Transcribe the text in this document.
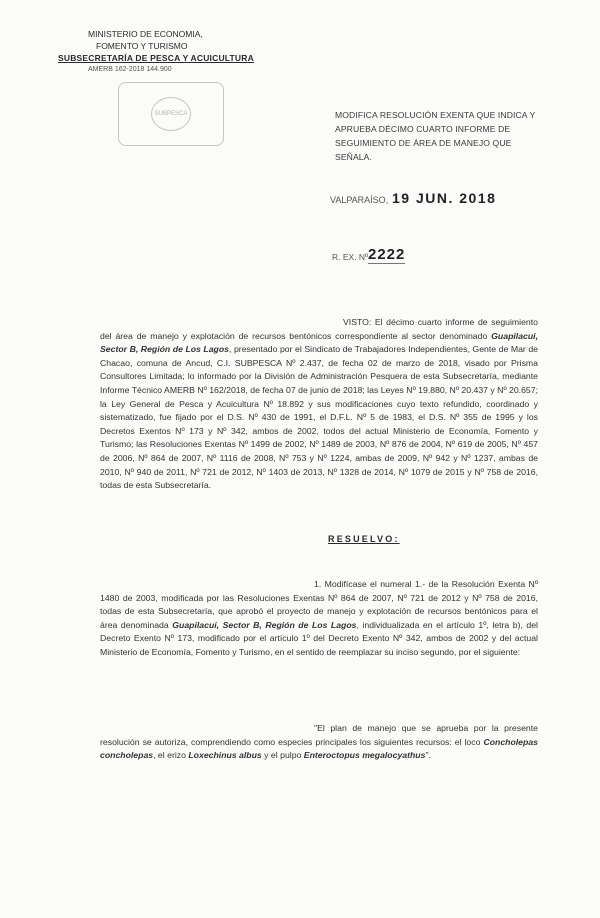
MINISTERIO DE ECONOMIA,
FOMENTO Y TURISMO
SUBSECRETARÍA DE PESCA Y ACUICULTURA
AMERB 162-2018 144.900
SUBPESCA	MODIFICA RESOLUCIÓN EXENTA QUE INDICA Y APRUEBA DÉCIMO CUARTO INFORME DE SEGUIMIENTO DE ÁREA DE MANEJO QUE SEÑALA.
VALPARAÍSO, 19 JUN. 2018
R. EX. Nº 2222
VISTO: El décimo cuarto informe de seguimiento del área de manejo y explotación de recursos bentónicos correspondiente al sector denominado Guapilacui, Sector B, Región de Los Lagos, presentado por el Sindicato de Trabajadores Independientes, Gente de Mar de Chacao, comuna de Ancud, C.I. SUBPESCA Nº 2.437, de fecha 02 de marzo de 2018, visado por Prisma Consultores Limitada; lo informado por la División de Administración Pesquera de esta Subsecretaría, mediante Informe Técnico AMERB Nº 162/2018, de fecha 07 de junio de 2018; las Leyes Nº 19.880, Nº 20.437 y Nº 20.657; la Ley General de Pesca y Acuicultura Nº 18.892 y sus modificaciones cuyo texto refundido, coordinado y sistematizado, fue fijado por el D.S. Nº 430 de 1991, el D.F.L. Nº 5 de 1983, el D.S. Nº 355 de 1995 y los Decretos Exentos Nº 173 y Nº 342, ambos de 2002, todos del actual Ministerio de Economía, Fomento y Turismo; las Resoluciones Exentas Nº 1499 de 2002, Nº 1489 de 2003, Nº 876 de 2004, Nº 619 de 2005, Nº 457 de 2006, Nº 864 de 2007, Nº 1116 de 2008, Nº 753 y Nº 1224, ambas de 2009, Nº 942 y Nº 1237, ambas de 2010, Nº 940 de 2011, Nº 721 de 2012, Nº 1403 de 2013, Nº 1328 de 2014, Nº 1079 de 2015 y Nº 758 de 2016, todas de esta Subsecretaría.
RESUELVO:
1. Modifícase el numeral 1.- de la Resolución Exenta Nº 1480 de 2003, modificada por las Resoluciones Exentas Nº 864 de 2007, Nº 721 de 2012 y Nº 758 de 2016, todas de esta Subsecretaría, que aprobó el proyecto de manejo y explotación de recursos bentónicos para el área denominada Guapilacui, Sector B, Región de Los Lagos, individualizada en el artículo 1º, letra b), del Decreto Exento Nº 173, modificado por el artículo 1º del Decreto Exento Nº 342, ambos de 2002 y del actual Ministerio de Economía, Fomento y Turismo, en el sentido de reemplazar su inciso segundo, por el siguiente:
"El plan de manejo que se aprueba por la presente resolución se autoriza, comprendiendo como especies principales los siguientes recursos: el loco Concholepas concholepas, el erizo Loxechinus albus y el pulpo Enteroctopus megalocyathus".
